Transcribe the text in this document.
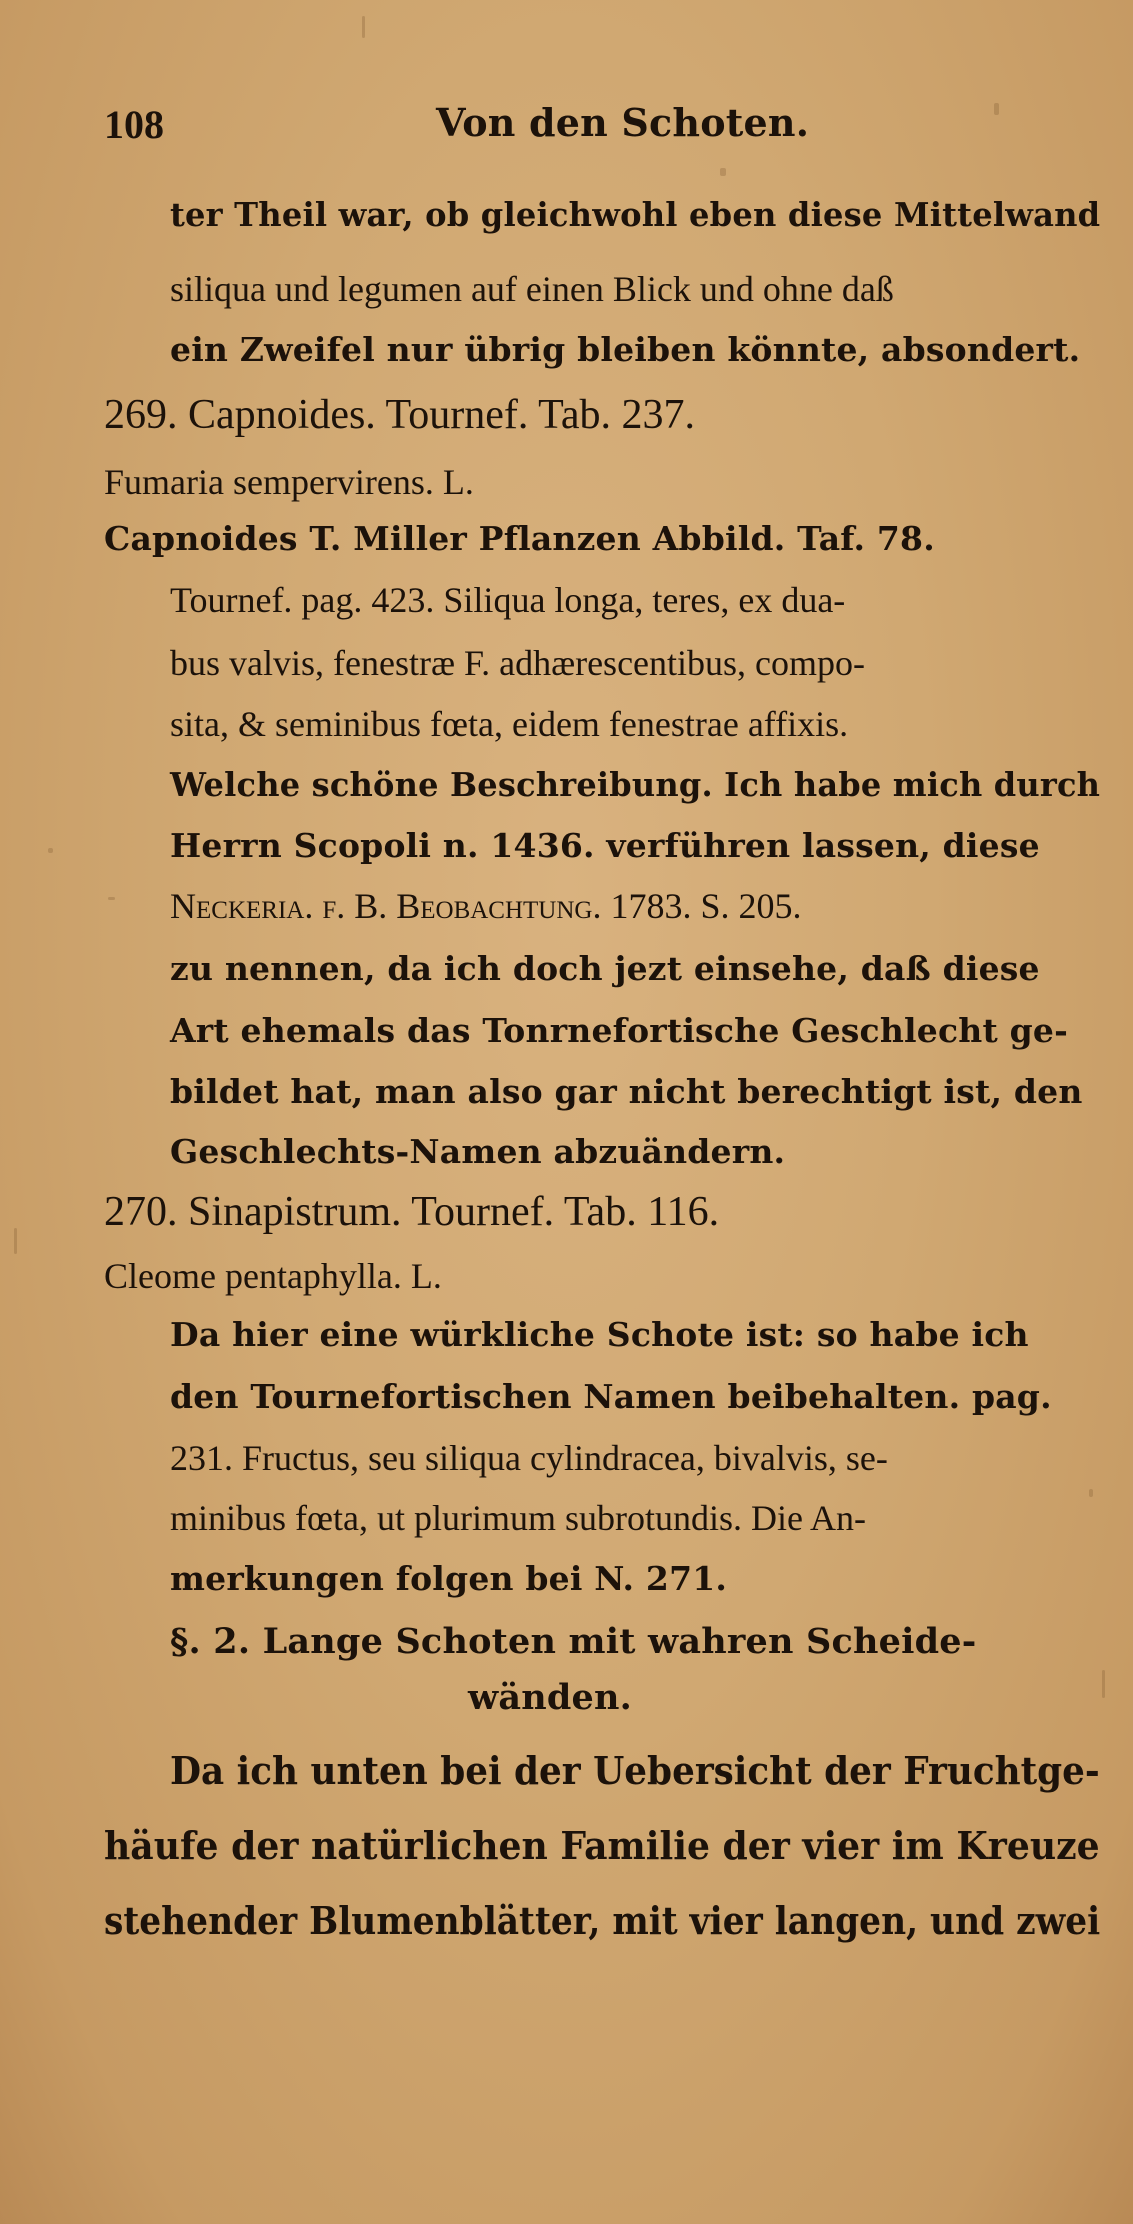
108	Von den Schoten.
ter Theil war, ob gleichwohl eben diese Mittelwand
siliqua und legumen auf einen Blick und ohne daß
ein Zweifel nur übrig bleiben könnte, absondert.
269. Capnoides. Tournef. Tab. 237.
Fumaria sempervirens. L.
Capnoides T. Miller Pflanzen Abbild. Taf. 78.
Tournef. pag. 423. Siliqua longa, teres, ex dua-
bus valvis, fenestræ F. adhærescentibus, compo-
sita, & seminibus fœta, eidem fenestrae affixis.
Welche schöne Beschreibung. Ich habe mich durch
Herrn Scopoli n. 1436. verführen lassen, diese
Neckeria. f. B. Beobachtung. 1783. S. 205.
zu nennen, da ich doch jezt einsehe, daß diese
Art ehemals das Tonrnefortische Geschlecht ge-
bildet hat, man also gar nicht berechtigt ist, den
Geschlechts-Namen abzuändern.
270. Sinapistrum. Tournef. Tab. 116.
Cleome pentaphylla. L.
Da hier eine würkliche Schote ist: so habe ich
den Tournefortischen Namen beibehalten. pag.
231. Fructus, seu siliqua cylindracea, bivalvis, se-
minibus fœta, ut plurimum subrotundis. Die An-
merkungen folgen bei N. 271.
§. 2. Lange Schoten mit wahren Scheide-
wänden.
Da ich unten bei der Uebersicht der Fruchtge-
häufe der natürlichen Familie der vier im Kreuze
stehender Blumenblätter, mit vier langen, und zwei
